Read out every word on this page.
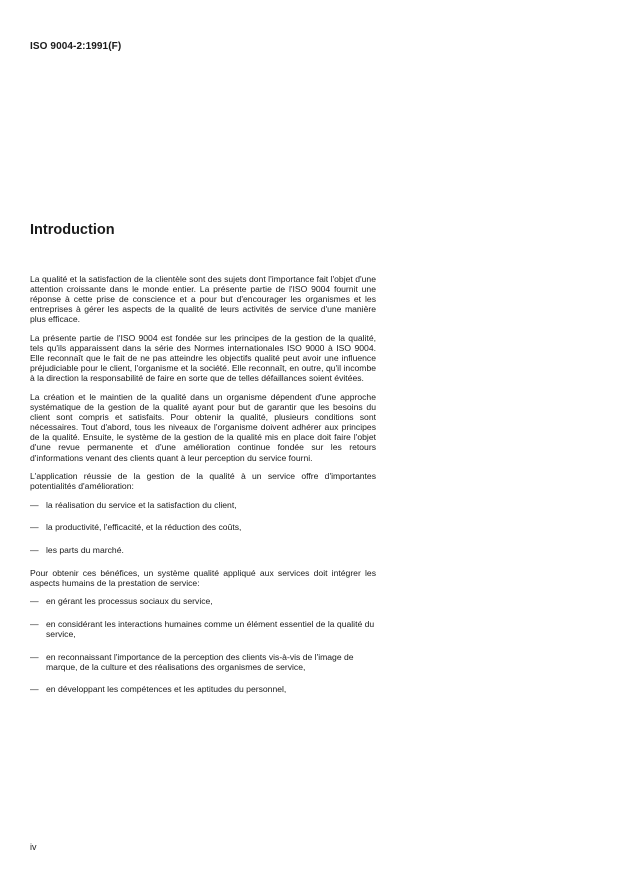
ISO 9004-2:1991(F)
Introduction

La qualité et la satisfaction de la clientèle sont des sujets dont l'importance fait l'objet d'une attention croissante dans le monde entier. La présente partie de l'ISO 9004 fournit une réponse à cette prise de conscience et a pour but d'encourager les organismes et les entreprises à gérer les aspects de la qualité de leurs activités de service d'une manière plus efficace.

La présente partie de l'ISO 9004 est fondée sur les principes de la gestion de la qualité, tels qu'ils apparaissent dans la série des Normes internationales ISO 9000 à ISO 9004. Elle reconnaît que le fait de ne pas atteindre les objectifs qualité peut avoir une influence préjudiciable pour le client, l'organisme et la société. Elle reconnaît, en outre, qu'il incombe à la direction la responsabilité de faire en sorte que de telles défaillances soient évitées.

La création et le maintien de la qualité dans un organisme dépendent d'une approche systématique de la gestion de la qualité ayant pour but de garantir que les besoins du client sont compris et satisfaits. Pour obtenir la qualité, plusieurs conditions sont nécessaires. Tout d'abord, tous les niveaux de l'organisme doivent adhérer aux principes de la qualité. Ensuite, le système de la gestion de la qualité mis en place doit faire l'objet d'une revue permanente et d'une amélioration continue fondée sur les retours d'informations venant des clients quant à leur perception du service fourni.

L'application réussie de la gestion de la qualité à un service offre d'importantes potentialités d'amélioration:

— la réalisation du service et la satisfaction du client,
— la productivité, l'efficacité, et la réduction des coûts,
— les parts du marché.

Pour obtenir ces bénéfices, un système qualité appliqué aux services doit intégrer les aspects humains de la prestation de service:

— en gérant les processus sociaux du service,
— en considérant les interactions humaines comme un élément essentiel de la qualité du service,
— en reconnaissant l'importance de la perception des clients vis-à-vis de l'image de marque, de la culture et des réalisations des organismes de service,
— en développant les compétences et les aptitudes du personnel,
iv
